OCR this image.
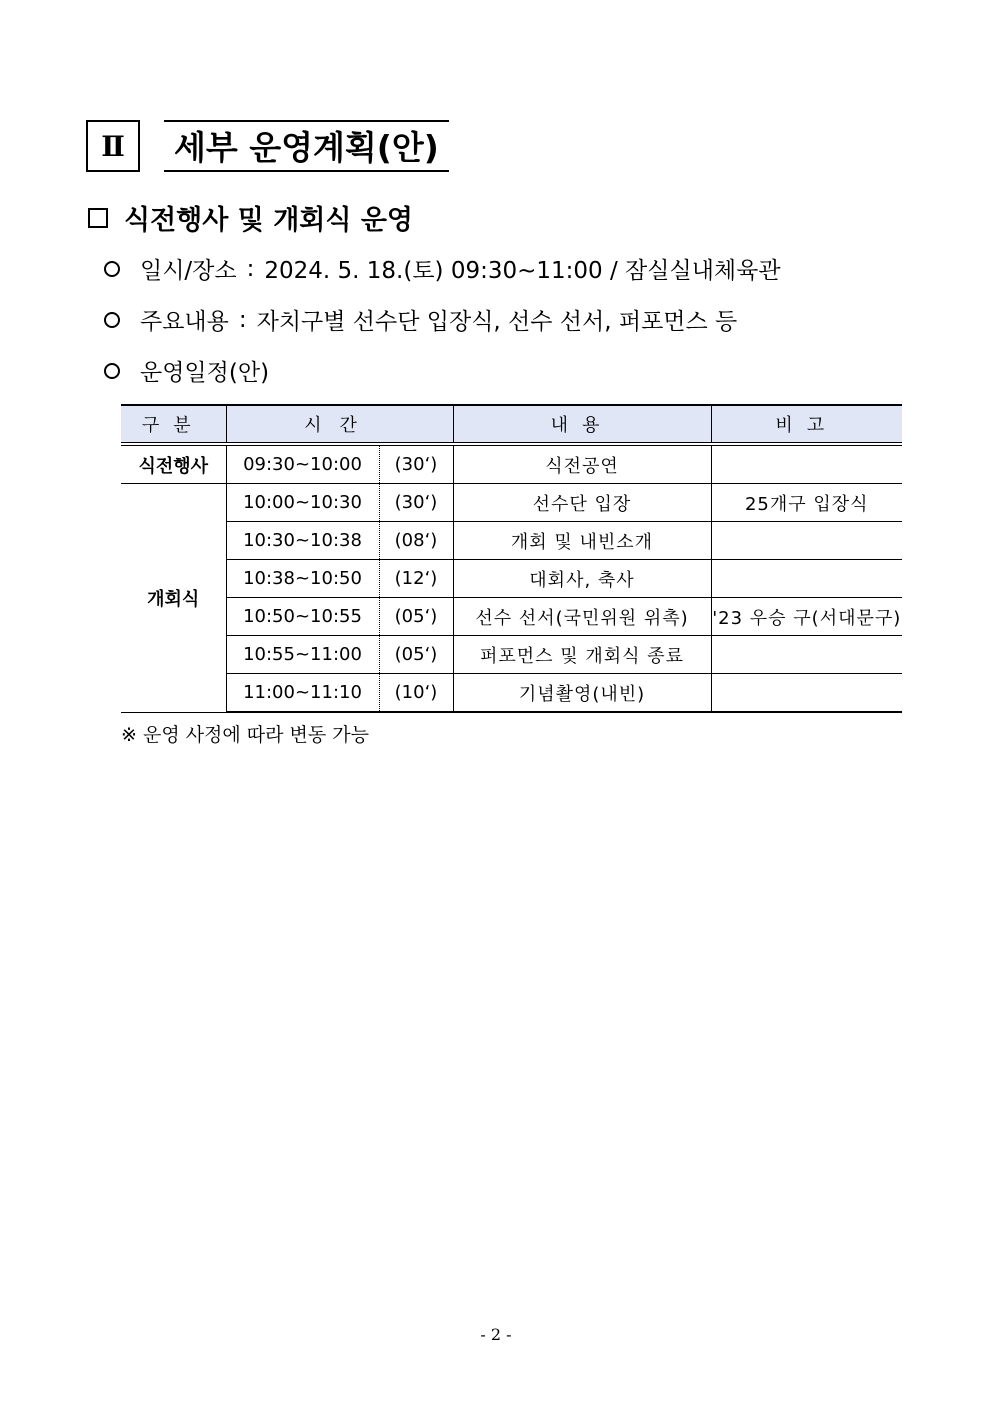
Ⅱ	세부 운영계획(안)
식전행사 및 개회식 운영
일시/장소 : 2024. 5. 18.(토) 09:30~11:00 / 잠실실내체육관
주요내용 : 자치구별 선수단 입장식, 선수 선서, 퍼포먼스 등
운영일정(안)
구분	시간		내용	비고
식전행사	09:30~10:00	(30‘)	식전공연	
개회식	10:00~10:30	(30‘)	선수단 입장	25개구 입장식
	10:30~10:38	(08‘)	개회 및 내빈소개	
	10:38~10:50	(12‘)	대회사, 축사	
	10:50~10:55	(05‘)	선수 선서(국민위원 위촉)	'23 우승 구(서대문구)
	10:55~11:00	(05‘)	퍼포먼스 및 개회식 종료	
	11:00~11:10	(10‘)	기념촬영(내빈)	
※ 운영 사정에 따라 변동 가능
- 2 -
